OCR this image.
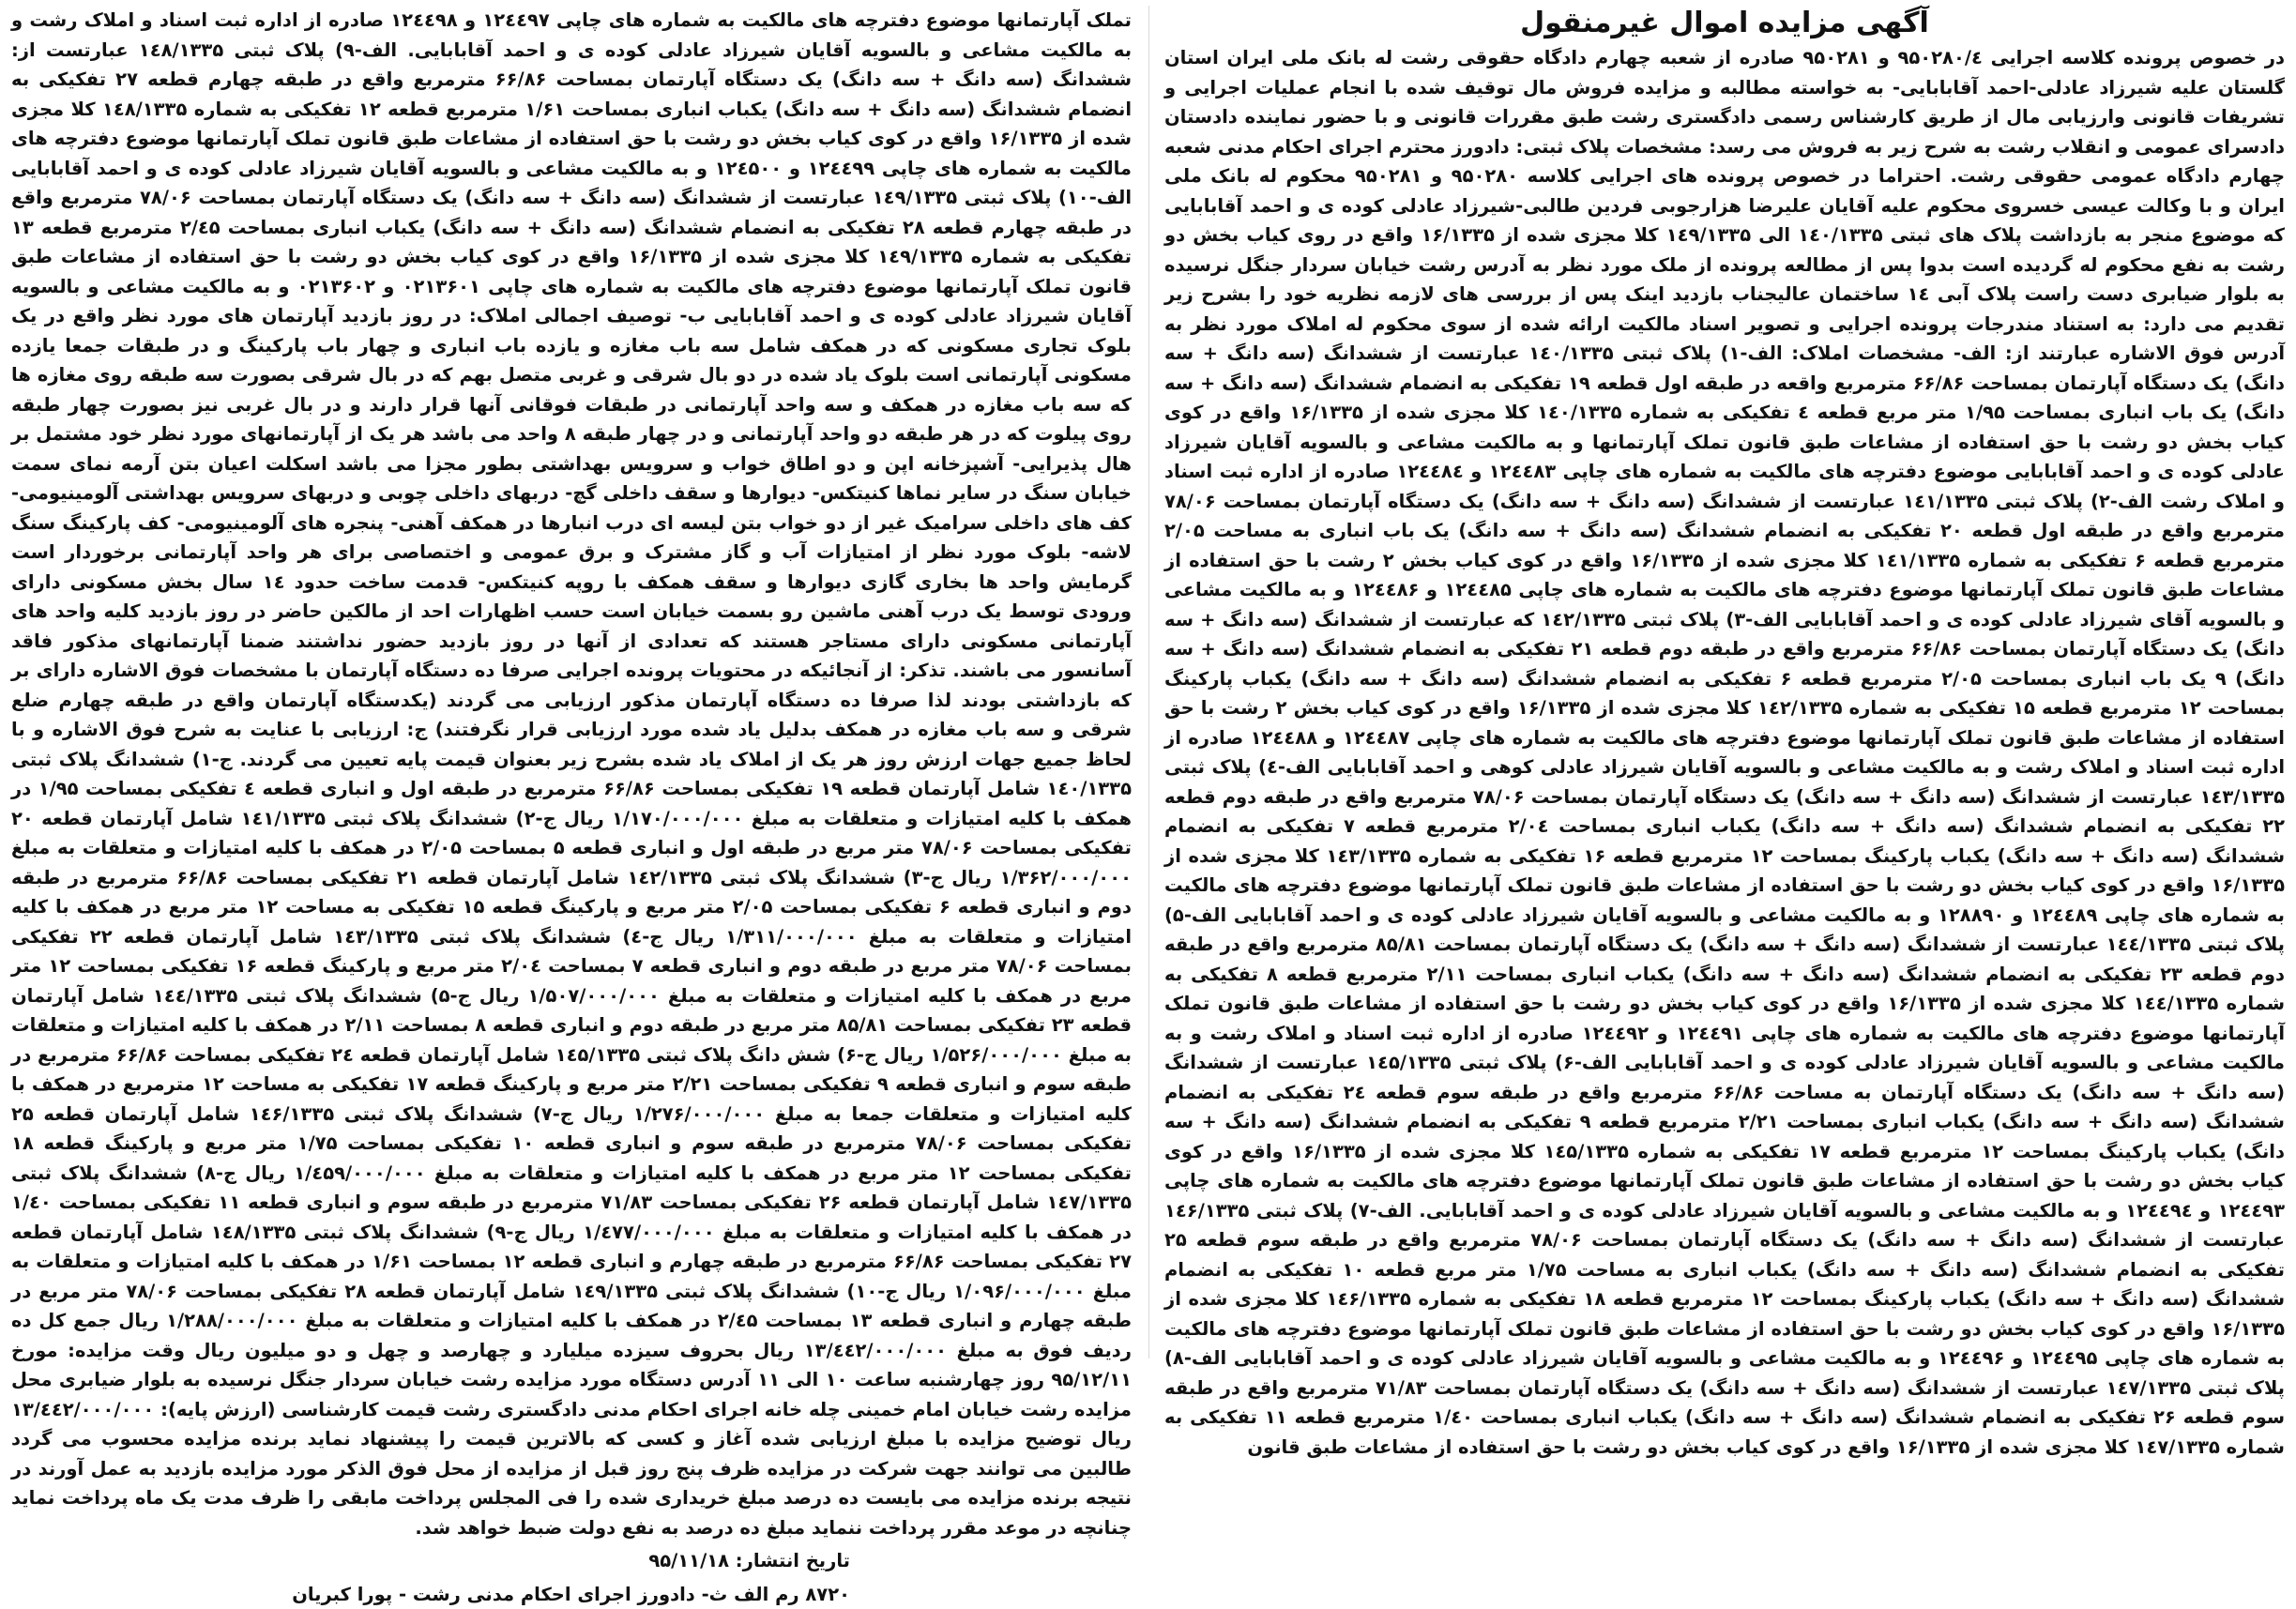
آگهی مزایده اموال غیرمنقول

در خصوص پرونده کلاسه اجرایی ۹۵۰۲۸۰/٤ و ۹۵۰۲۸۱ صادره از شعبه چهارم دادگاه حقوقی رشت له بانک ملی ایران استان گلستان علیه شیرزاد عادلی-احمد آقابابایی- به خواسته مطالبه و مزایده فروش مال توقیف شده با انجام عملیات اجرایی و تشریفات قانونی وارزیابی مال از طریق کارشناس رسمی دادگستری رشت طبق مقررات قانونی و با حضور نماینده دادستان دادسرای عمومی و انقلاب رشت به شرح زیر به فروش می رسد: مشخصات پلاک ثبتی: دادورز محترم اجرای احکام مدنی شعبه چهارم دادگاه عمومی حقوقی رشت. احتراما در خصوص پرونده های اجرایی کلاسه ۹۵۰۲۸۰ و ۹۵۰۲۸۱ محکوم له بانک ملی ایران و با وکالت عیسی خسروی محکوم علیه آقایان علیرضا هزارجوبی فردین طالبی-شیرزاد عادلی کوده ی و احمد آقابابایی که موضوع منجر به بازداشت پلاک های ثبتی ۱٤۰/۱۳۳۵ الی ۱٤۹/۱۳۳۵ کلا مجزی شده از ۱۶/۱۳۳۵ واقع در روی کیاب بخش دو رشت به نفع محکوم له گردیده است بدوا پس از مطالعه پرونده از ملک مورد نظر به آدرس رشت خیابان سردار جنگل نرسیده به بلوار ضیابری دست راست پلاک آبی ۱٤ ساختمان عالیجناب بازدید اینک پس از بررسی های لازمه نظریه خود را بشرح زیر تقدیم می دارد: به استناد مندرجات پرونده اجرایی و تصویر اسناد مالکیت ارائه شده از سوی محکوم له املاک مورد نظر به آدرس فوق الاشاره عبارتند از: الف- مشخصات املاک: الف-۱) پلاک ثبتی ۱٤۰/۱۳۳۵ عبارتست از ششدانگ (سه دانگ + سه دانگ) یک دستگاه آپارتمان بمساحت ۶۶/۸۶ مترمربع واقعه در طبقه اول قطعه ۱۹ تفکیکی به انضمام ششدانگ (سه دانگ + سه دانگ) یک باب انباری بمساحت ۱/۹۵ متر مربع قطعه ٤ تفکیکی به شماره ۱٤۰/۱۳۳۵ کلا مجزی شده از ۱۶/۱۳۳۵ واقع در کوی کیاب بخش دو رشت با حق استفاده از مشاعات طبق قانون تملک آپارتمانها و به مالکیت مشاعی و بالسویه آقایان شیرزاد عادلی کوده ی و احمد آقابابایی موضوع دفترچه های مالکیت به شماره های چاپی ۱۲٤٤۸۳ و ۱۲٤٤۸٤ صادره از اداره ثبت اسناد و املاک رشت الف-۲) پلاک ثبتی ۱٤۱/۱۳۳۵ عبارتست از ششدانگ (سه دانگ + سه دانگ) یک دستگاه آپارتمان بمساحت ۷۸/۰۶ مترمربع واقع در طبقه اول قطعه ۲۰ تفکیکی به انضمام ششدانگ (سه دانگ + سه دانگ) یک باب انباری به مساحت ۲/۰۵ مترمربع قطعه ۶ تفکیکی به شماره ۱٤۱/۱۳۳۵ کلا مجزی شده از ۱۶/۱۳۳۵ واقع در کوی کیاب بخش ۲ رشت با حق استفاده از مشاعات طبق قانون تملک آپارتمانها موضوع دفترچه های مالکیت به شماره های چاپی ۱۲٤٤۸۵ و ۱۲٤٤۸۶ و به مالکیت مشاعی و بالسویه آقای شیرزاد عادلی کوده ی و احمد آقابابایی الف-۳) پلاک ثبتی ۱٤۲/۱۳۳۵ که عبارتست از ششدانگ (سه دانگ + سه دانگ) یک دستگاه آپارتمان بمساحت ۶۶/۸۶ مترمربع واقع در طبقه دوم قطعه ۲۱ تفکیکی به انضمام ششدانگ (سه دانگ + سه دانگ) ۹ یک باب انباری بمساحت ۲/۰۵ مترمربع قطعه ۶ تفکیکی به انضمام ششدانگ (سه دانگ + سه دانگ) یکباب پارکینگ بمساحت ۱۲ مترمربع قطعه ۱۵ تفکیکی به شماره ۱٤۲/۱۳۳۵ کلا مجزی شده از ۱۶/۱۳۳۵ واقع در کوی کیاب بخش ۲ رشت با حق استفاده از مشاعات طبق قانون تملک آپارتمانها موضوع دفترچه های مالکیت به شماره های چاپی ۱۲٤٤۸۷ و ۱۲٤٤۸۸ صادره از اداره ثبت اسناد و املاک رشت و به مالکیت مشاعی و بالسویه آقایان شیرزاد عادلی کوهی و احمد آقابابایی الف-٤) پلاک ثبتی ۱٤۳/۱۳۳۵ عبارتست از ششدانگ (سه دانگ + سه دانگ) یک دستگاه آپارتمان بمساحت ۷۸/۰۶ مترمربع واقع در طبقه دوم قطعه ۲۲ تفکیکی به انضمام ششدانگ (سه دانگ + سه دانگ) یکباب انباری بمساحت ۲/۰٤ مترمربع قطعه ۷ تفکیکی به انضمام ششدانگ (سه دانگ + سه دانگ) یکباب پارکینگ بمساحت ۱۲ مترمربع قطعه ۱۶ تفکیکی به شماره ۱٤۳/۱۳۳۵ کلا مجزی شده از ۱۶/۱۳۳۵ واقع در کوی کیاب بخش دو رشت با حق استفاده از مشاعات طبق قانون تملک آپارتمانها موضوع دفترچه های مالکیت به شماره های چاپی ۱۲٤٤۸۹ و ۱۲۸۸۹۰ و به مالکیت مشاعی و بالسویه آقایان شیرزاد عادلی کوده ی و احمد آقابابایی الف-۵) پلاک ثبتی ۱٤٤/۱۳۳۵ عبارتست از ششدانگ (سه دانگ + سه دانگ) یک دستگاه آپارتمان بمساحت ۸۵/۸۱ مترمربع واقع در طبقه دوم قطعه ۲۳ تفکیکی به انضمام ششدانگ (سه دانگ + سه دانگ) یکباب انباری بمساحت ۲/۱۱ مترمربع قطعه ۸ تفکیکی به شماره ۱٤٤/۱۳۳۵ کلا مجزی شده از ۱۶/۱۳۳۵ واقع در کوی کیاب بخش دو رشت با حق استفاده از مشاعات طبق قانون تملک آپارتمانها موضوع دفترچه های مالکیت به شماره های چاپی ۱۲٤٤۹۱ و ۱۲٤٤۹۲ صادره از اداره ثبت اسناد و املاک رشت و به مالکیت مشاعی و بالسویه آقایان شیرزاد عادلی کوده ی و احمد آقابابایی الف-۶) پلاک ثبتی ۱٤۵/۱۳۳۵ عبارتست از ششدانگ (سه دانگ + سه دانگ) یک دستگاه آپارتمان به مساحت ۶۶/۸۶ مترمربع واقع در طبقه سوم قطعه ۲٤ تفکیکی به انضمام ششدانگ (سه دانگ + سه دانگ) یکباب انباری بمساحت ۲/۲۱ مترمربع قطعه ۹ تفکیکی به انضمام ششدانگ (سه دانگ + سه دانگ) یکباب پارکینگ بمساحت ۱۲ مترمربع قطعه ۱۷ تفکیکی به شماره ۱٤۵/۱۳۳۵ کلا مجزی شده از ۱۶/۱۳۳۵ واقع در کوی کیاب بخش دو رشت با حق استفاده از مشاعات طبق قانون تملک آپارتمانها موضوع دفترچه های مالکیت به شماره های چاپی ۱۲٤٤۹۳ و ۱۲٤٤۹٤ و به مالکیت مشاعی و بالسویه آقایان شیرزاد عادلی کوده ی و احمد آقابابایی. الف-۷) پلاک ثبتی ۱٤۶/۱۳۳۵ عبارتست از ششدانگ (سه دانگ + سه دانگ) یک دستگاه آپارتمان بمساحت ۷۸/۰۶ مترمربع واقع در طبقه سوم قطعه ۲۵ تفکیکی به انضمام ششدانگ (سه دانگ + سه دانگ) یکباب انباری به مساحت ۱/۷۵ متر مربع قطعه ۱۰ تفکیکی به انضمام ششدانگ (سه دانگ + سه دانگ) یکباب پارکینگ بمساحت ۱۲ مترمربع قطعه ۱۸ تفکیکی به شماره ۱٤۶/۱۳۳۵ کلا مجزی شده از ۱۶/۱۳۳۵ واقع در کوی کیاب بخش دو رشت با حق استفاده از مشاعات طبق قانون تملک آپارتمانها موضوع دفترچه های مالکیت به شماره های چاپی ۱۲٤٤۹۵ و ۱۲٤٤۹۶ و به مالکیت مشاعی و بالسویه آقایان شیرزاد عادلی کوده ی و احمد آقابابایی الف-۸) پلاک ثبتی ۱٤۷/۱۳۳۵ عبارتست از ششدانگ (سه دانگ + سه دانگ) یک دستگاه آپارتمان بمساحت ۷۱/۸۳ مترمربع واقع در طبقه سوم قطعه ۲۶ تفکیکی به انضمام ششدانگ (سه دانگ + سه دانگ) یکباب انباری بمساحت ۱/٤۰ مترمربع قطعه ۱۱ تفکیکی به شماره ۱٤۷/۱۳۳۵ کلا مجزی شده از ۱۶/۱۳۳۵ واقع در کوی کیاب بخش دو رشت با حق استفاده از مشاعات طبق قانون

تملک آپارتمانها موضوع دفترچه های مالکیت به شماره های چاپی ۱۲٤٤۹۷ و ۱۲٤٤۹۸ صادره از اداره ثبت اسناد و املاک رشت و به مالکیت مشاعی و بالسویه آقایان شیرزاد عادلی کوده ی و احمد آقابابایی. الف-۹) پلاک ثبتی ۱٤۸/۱۳۳۵ عبارتست از: ششدانگ (سه دانگ + سه دانگ) یک دستگاه آپارتمان بمساحت ۶۶/۸۶ مترمربع واقع در طبقه چهارم قطعه ۲۷ تفکیکی به انضمام ششدانگ (سه دانگ + سه دانگ) یکباب انباری بمساحت ۱/۶۱ مترمربع قطعه ۱۲ تفکیکی به شماره ۱٤۸/۱۳۳۵ کلا مجزی شده از ۱۶/۱۳۳۵ واقع در کوی کیاب بخش دو رشت با حق استفاده از مشاعات طبق قانون تملک آپارتمانها موضوع دفترچه های مالکیت به شماره های چاپی ۱۲٤٤۹۹ و ۱۲٤۵۰۰ و به مالکیت مشاعی و بالسویه آقایان شیرزاد عادلی کوده ی و احمد آقابابایی الف-۱۰) پلاک ثبتی ۱٤۹/۱۳۳۵ عبارتست از ششدانگ (سه دانگ + سه دانگ) یک دستگاه آپارتمان بمساحت ۷۸/۰۶ مترمربع واقع در طبقه چهارم قطعه ۲۸ تفکیکی به انضمام ششدانگ (سه دانگ + سه دانگ) یکباب انباری بمساحت ۲/٤۵ مترمربع قطعه ۱۳ تفکیکی به شماره ۱٤۹/۱۳۳۵ کلا مجزی شده از ۱۶/۱۳۳۵ واقع در کوی کیاب بخش دو رشت با حق استفاده از مشاعات طبق قانون تملک آپارتمانها موضوع دفترچه های مالکیت به شماره های چاپی ۰۲۱۳۶۰۱ و ۰۲۱۳۶۰۲ و به مالکیت مشاعی و بالسویه آقایان شیرزاد عادلی کوده ی و احمد آقابابایی ب- توصیف اجمالی املاک: در روز بازدید آپارتمان های مورد نظر واقع در یک بلوک تجاری مسکونی که در همکف شامل سه باب مغازه و یازده باب انباری و چهار باب پارکینگ و در طبقات جمعا یازده مسکونی آپارتمانی است بلوک یاد شده در دو بال شرقی و غربی متصل بهم که در بال شرقی بصورت سه طبقه روی مغازه ها که سه باب مغازه در همکف و سه واحد آپارتمانی در طبقات فوقانی آنها قرار دارند و در بال غربی نیز بصورت چهار طبقه روی پیلوت که در هر طبقه دو واحد آپارتمانی و در چهار طبقه ۸ واحد می باشد هر یک از آپارتمانهای مورد نظر خود مشتمل بر هال پذیرایی- آشپزخانه اپن و دو اطاق خواب و سرویس بهداشتی بطور مجزا می باشد اسکلت اعیان بتن آرمه نمای سمت خیابان سنگ در سایر نماها کنیتکس- دیوارها و سقف داخلی گچ- دربهای داخلی چوبی و دربهای سرویس بهداشتی آلومینیومی- کف های داخلی سرامیک غیر از دو خواب بتن لیسه ای درب انبارها در همکف آهنی- پنجره های آلومینیومی- کف پارکینگ سنگ لاشه- بلوک مورد نظر از امتیازات آب و گاز مشترک و برق عمومی و اختصاصی برای هر واحد آپارتمانی برخوردار است گرمایش واحد ها بخاری گازی دیوارها و سقف همکف با روپه کنیتکس- قدمت ساخت حدود ۱٤ سال بخش مسکونی دارای ورودی توسط یک درب آهنی ماشین رو بسمت خیابان است حسب اظهارات احد از مالکین حاضر در روز بازدید کلیه واحد های آپارتمانی مسکونی دارای مستاجر هستند که تعدادی از آنها در روز بازدید حضور نداشتند ضمنا آپارتمانهای مذکور فاقد آسانسور می باشند. تذکر: از آنجائیکه در محتویات پرونده اجرایی صرفا ده دستگاه آپارتمان با مشخصات فوق الاشاره دارای بر که بازداشتی بودند لذا صرفا ده دستگاه آپارتمان مذکور ارزیابی می گردند (یکدستگاه آپارتمان واقع در طبقه چهارم ضلع شرقی و سه باب مغازه در همکف بدلیل یاد شده مورد ارزیابی قرار نگرفتند) ج: ارزیابی با عنایت به شرح فوق الاشاره و با لحاظ جمیع جهات ارزش روز هر یک از املاک یاد شده بشرح زیر بعنوان قیمت پایه تعیین می گردند. ج-۱) ششدانگ پلاک ثبتی ۱٤۰/۱۳۳۵ شامل آپارتمان قطعه ۱۹ تفکیکی بمساحت ۶۶/۸۶ مترمربع در طبقه اول و انباری قطعه ٤ تفکیکی بمساحت ۱/۹۵ در همکف با کلیه امتیازات و متعلقات به مبلغ ۱/۱۷۰/۰۰۰/۰۰۰ ریال ج-۲) ششدانگ پلاک ثبتی ۱٤۱/۱۳۳۵ شامل آپارتمان قطعه ۲۰ تفکیکی بمساحت ۷۸/۰۶ متر مربع در طبقه اول و انباری قطعه ۵ بمساحت ۲/۰۵ در همکف با کلیه امتیازات و متعلقات به مبلغ ۱/۳۶۲/۰۰۰/۰۰۰ ریال ج-۳) ششدانگ پلاک ثبتی ۱٤۲/۱۳۳۵ شامل آپارتمان قطعه ۲۱ تفکیکی بمساحت ۶۶/۸۶ مترمربع در طبقه دوم و انباری قطعه ۶ تفکیکی بمساحت ۲/۰۵ متر مربع و پارکینگ قطعه ۱۵ تفکیکی به مساحت ۱۲ متر مربع در همکف با کلیه امتیازات و متعلقات به مبلغ ۱/۳۱۱/۰۰۰/۰۰۰ ریال ج-٤) ششدانگ پلاک ثبتی ۱٤۳/۱۳۳۵ شامل آپارتمان قطعه ۲۲ تفکیکی بمساحت ۷۸/۰۶ متر مربع در طبقه دوم و انباری قطعه ۷ بمساحت ۲/۰٤ متر مربع و پارکینگ قطعه ۱۶ تفکیکی بمساحت ۱۲ متر مربع در همکف با کلیه امتیازات و متعلقات به مبلغ ۱/۵۰۷/۰۰۰/۰۰۰ ریال ج-۵) ششدانگ پلاک ثبتی ۱٤٤/۱۳۳۵ شامل آپارتمان قطعه ۲۳ تفکیکی بمساحت ۸۵/۸۱ متر مربع در طبقه دوم و انباری قطعه ۸ بمساحت ۲/۱۱ در همکف با کلیه امتیازات و متعلقات به مبلغ ۱/۵۲۶/۰۰۰/۰۰۰ ریال ج-۶) شش دانگ پلاک ثبتی ۱٤۵/۱۳۳۵ شامل آپارتمان قطعه ۲٤ تفکیکی بمساحت ۶۶/۸۶ مترمربع در طبقه سوم و انباری قطعه ۹ تفکیکی بمساحت ۲/۲۱ متر مربع و پارکینگ قطعه ۱۷ تفکیکی به مساحت ۱۲ مترمربع در همکف با کلیه امتیازات و متعلقات جمعا به مبلغ ۱/۲۷۶/۰۰۰/۰۰۰ ریال ج-۷) ششدانگ پلاک ثبتی ۱٤۶/۱۳۳۵ شامل آپارتمان قطعه ۲۵ تفکیکی بمساحت ۷۸/۰۶ مترمربع در طبقه سوم و انباری قطعه ۱۰ تفکیکی بمساحت ۱/۷۵ متر مربع و پارکینگ قطعه ۱۸ تفکیکی بمساحت ۱۲ متر مربع در همکف با کلیه امتیازات و متعلقات به مبلغ ۱/٤۵۹/۰۰۰/۰۰۰ ریال ج-۸) ششدانگ پلاک ثبتی ۱٤۷/۱۳۳۵ شامل آپارتمان قطعه ۲۶ تفکیکی بمساحت ۷۱/۸۳ مترمربع در طبقه سوم و انباری قطعه ۱۱ تفکیکی بمساحت ۱/٤۰ در همکف با کلیه امتیازات و متعلقات به مبلغ ۱/٤۷۷/۰۰۰/۰۰۰ ریال ج-۹) ششدانگ پلاک ثبتی ۱٤۸/۱۳۳۵ شامل آپارتمان قطعه ۲۷ تفکیکی بمساحت ۶۶/۸۶ مترمربع در طبقه چهارم و انباری قطعه ۱۲ بمساحت ۱/۶۱ در همکف با کلیه امتیازات و متعلقات به مبلغ ۱/۰۹۶/۰۰۰/۰۰۰ ریال ج-۱۰) ششدانگ پلاک ثبتی ۱٤۹/۱۳۳۵ شامل آپارتمان قطعه ۲۸ تفکیکی بمساحت ۷۸/۰۶ متر مربع در طبقه چهارم و انباری قطعه ۱۳ بمساحت ۲/٤۵ در همکف با کلیه امتیازات و متعلقات به مبلغ ۱/۲۸۸/۰۰۰/۰۰۰ ریال جمع کل ده ردیف فوق به مبلغ ۱۳/٤٤۲/۰۰۰/۰۰۰ ریال بحروف سیزده میلیارد و چهارصد و چهل و دو میلیون ریال وقت مزایده: مورخ ۹۵/۱۲/۱۱ روز چهارشنبه ساعت ۱۰ الی ۱۱ آدرس دستگاه مورد مزایده رشت خیابان سردار جنگل نرسیده به بلوار ضیابری محل مزایده رشت خیابان امام خمینی چله خانه اجرای احکام مدنی دادگستری رشت قیمت کارشناسی (ارزش پایه): ۱۳/٤٤۲/۰۰۰/۰۰۰ ریال توضیح مزایده با مبلغ ارزیابی شده آغاز و کسی که بالاترین قیمت را پیشنهاد نماید برنده مزایده محسوب می گردد طالبین می توانند جهت شرکت در مزایده ظرف پنج روز قبل از مزایده از محل فوق الذکر مورد مزایده بازدید به عمل آورند در نتیجه برنده مزایده می بایست ده درصد مبلغ خریداری شده را فی المجلس پرداخت مابقی را ظرف مدت یک ماه پرداخت نماید چنانچه در موعد مقرر پرداخت ننماید مبلغ ده درصد به نفع دولت ضبط خواهد شد.

تاریخ انتشار: ۹۵/۱۱/۱۸

۸۷۲۰ رم الف ث- دادورز اجرای احکام مدنی رشت - پورا کبریان
